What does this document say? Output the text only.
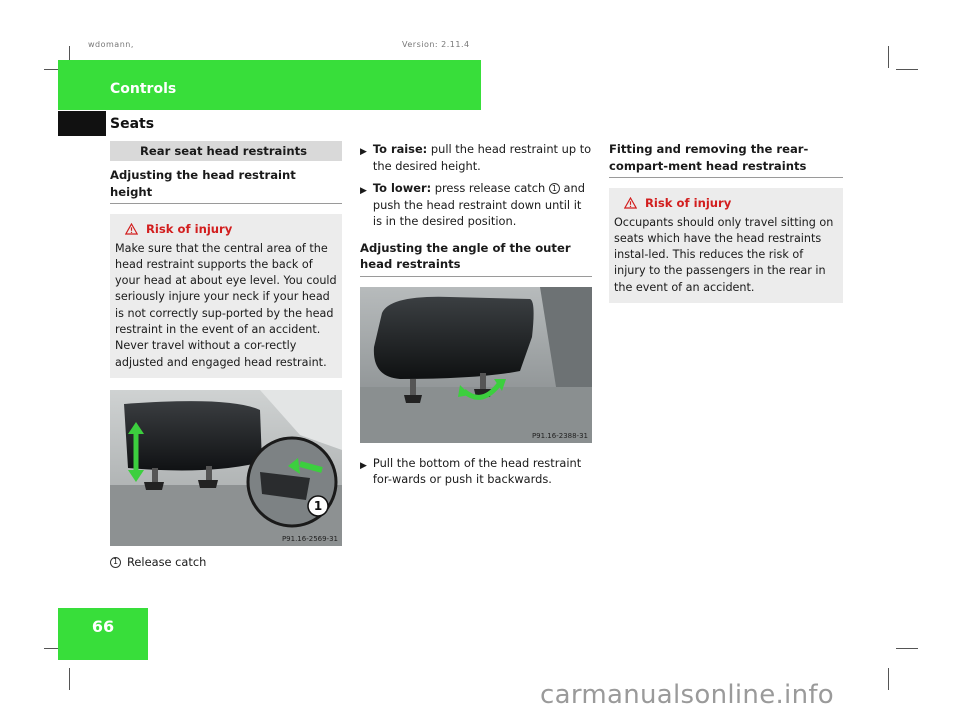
wdomann,	Version: 2.11.4
Controls
Seats
66
Rear seat head restraints
Adjusting the head restraint height
Risk of injury
Make sure that the central area of the head restraint supports the back of your head at about eye level. You could seriously injure your neck if your head is not correctly sup-ported by the head restraint in the event of an accident. Never travel without a cor-rectly adjusted and engaged head restraint.
1
P91.16-2569-31
1 Release catch
▶ To raise: pull the head restraint up to the desired height.
▶ To lower: press release catch 1 and push the head restraint down until it is in the desired position.
Adjusting the angle of the outer head restraints
P91.16-2388-31
▶ Pull the bottom of the head restraint for-wards or push it backwards.
Fitting and removing the rear-compart-ment head restraints
Risk of injury
Occupants should only travel sitting on seats which have the head restraints instal-led. This reduces the risk of injury to the passengers in the rear in the event of an accident.
carmanualsonline.info
